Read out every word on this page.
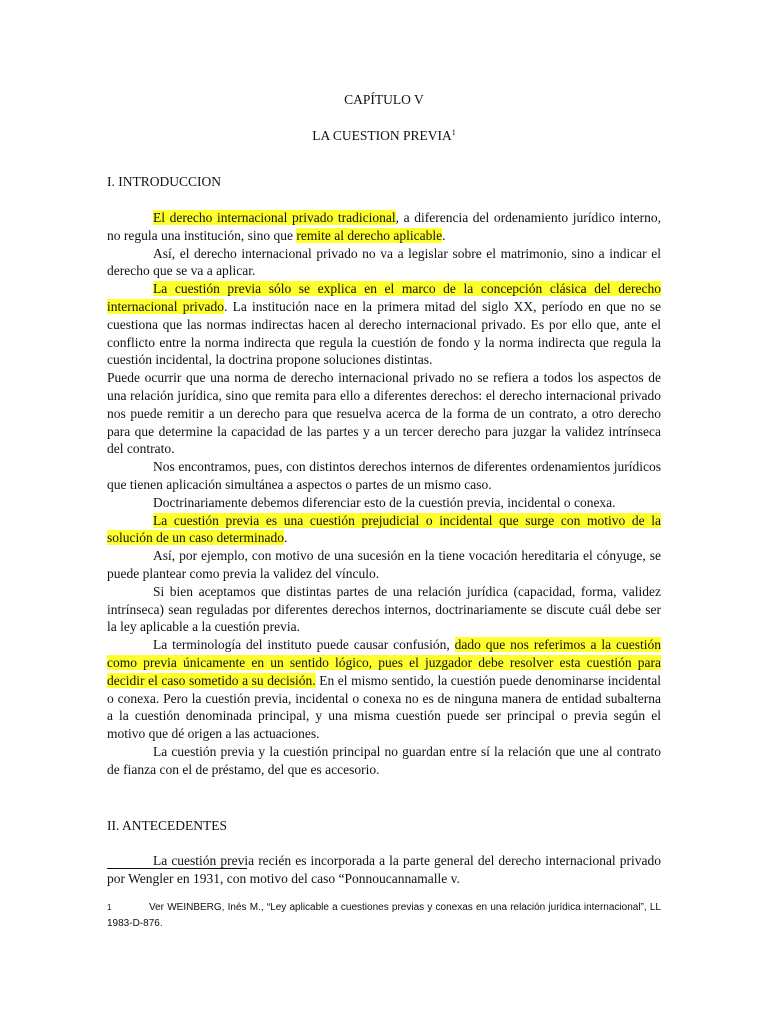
CAPÍTULO V
LA CUESTION PREVIA$^1$
I. INTRODUCCION

El derecho internacional privado tradicional, a diferencia del ordenamiento jurídico interno, no regula una institución, sino que remite al derecho aplicable.

Así, el derecho internacional privado no va a legislar sobre el matrimonio, sino a indicar el derecho que se va a aplicar.

La cuestión previa sólo se explica en el marco de la concepción clásica del derecho internacional privado. La institución nace en la primera mitad del siglo XX, período en que no se cuestiona que las normas indirectas hacen al derecho internacional privado. Es por ello que, ante el conflicto entre la norma indirecta que regula la cuestión de fondo y la norma indirecta que regula la cuestión incidental, la doctrina propone soluciones distintas.

Puede ocurrir que una norma de derecho internacional privado no se refiera a todos los aspectos de una relación jurídica, sino que remita para ello a diferentes derechos: el derecho internacional privado nos puede remitir a un derecho para que resuelva acerca de la forma de un contrato, a otro derecho para que determine la capacidad de las partes y a un tercer derecho para juzgar la validez intrínseca del contrato.

Nos encontramos, pues, con distintos derechos internos de diferentes ordenamientos jurídicos que tienen aplicación simultánea a aspectos o partes de un mismo caso.

Doctrinariamente debemos diferenciar esto de la cuestión previa, incidental o conexa.

La cuestión previa es una cuestión prejudicial o incidental que surge con motivo de la solución de un caso determinado.

Así, por ejemplo, con motivo de una sucesión en la tiene vocación hereditaria el cónyuge, se puede plantear como previa la validez del vínculo.

Si bien aceptamos que distintas partes de una relación jurídica (capacidad, forma, validez intrínseca) sean reguladas por diferentes derechos internos, doctrinariamente se discute cuál debe ser la ley aplicable a la cuestión previa.

La terminología del instituto puede causar confusión, dado que nos referimos a la cuestión como previa únicamente en un sentido lógico, pues el juzgador debe resolver esta cuestión para decidir el caso sometido a su decisión. En el mismo sentido, la cuestión puede denominarse incidental o conexa. Pero la cuestión previa, incidental o conexa no es de ninguna manera de entidad subalterna a la cuestión denominada principal, y una misma cuestión puede ser principal o previa según el motivo que dé origen a las actuaciones.

La cuestión previa y la cuestión principal no guardan entre sí la relación que une al contrato de fianza con el de préstamo, del que es accesorio.

II. ANTECEDENTES

La cuestión previa recién es incorporada a la parte general del derecho internacional privado por Wengler en 1931, con motivo del caso “Ponnoucannamalle v.

1	Ver WEINBERG, Inés M., “Ley aplicable a cuestiones previas y conexas en una relación jurídica internacional”, LL 1983-D-876.
